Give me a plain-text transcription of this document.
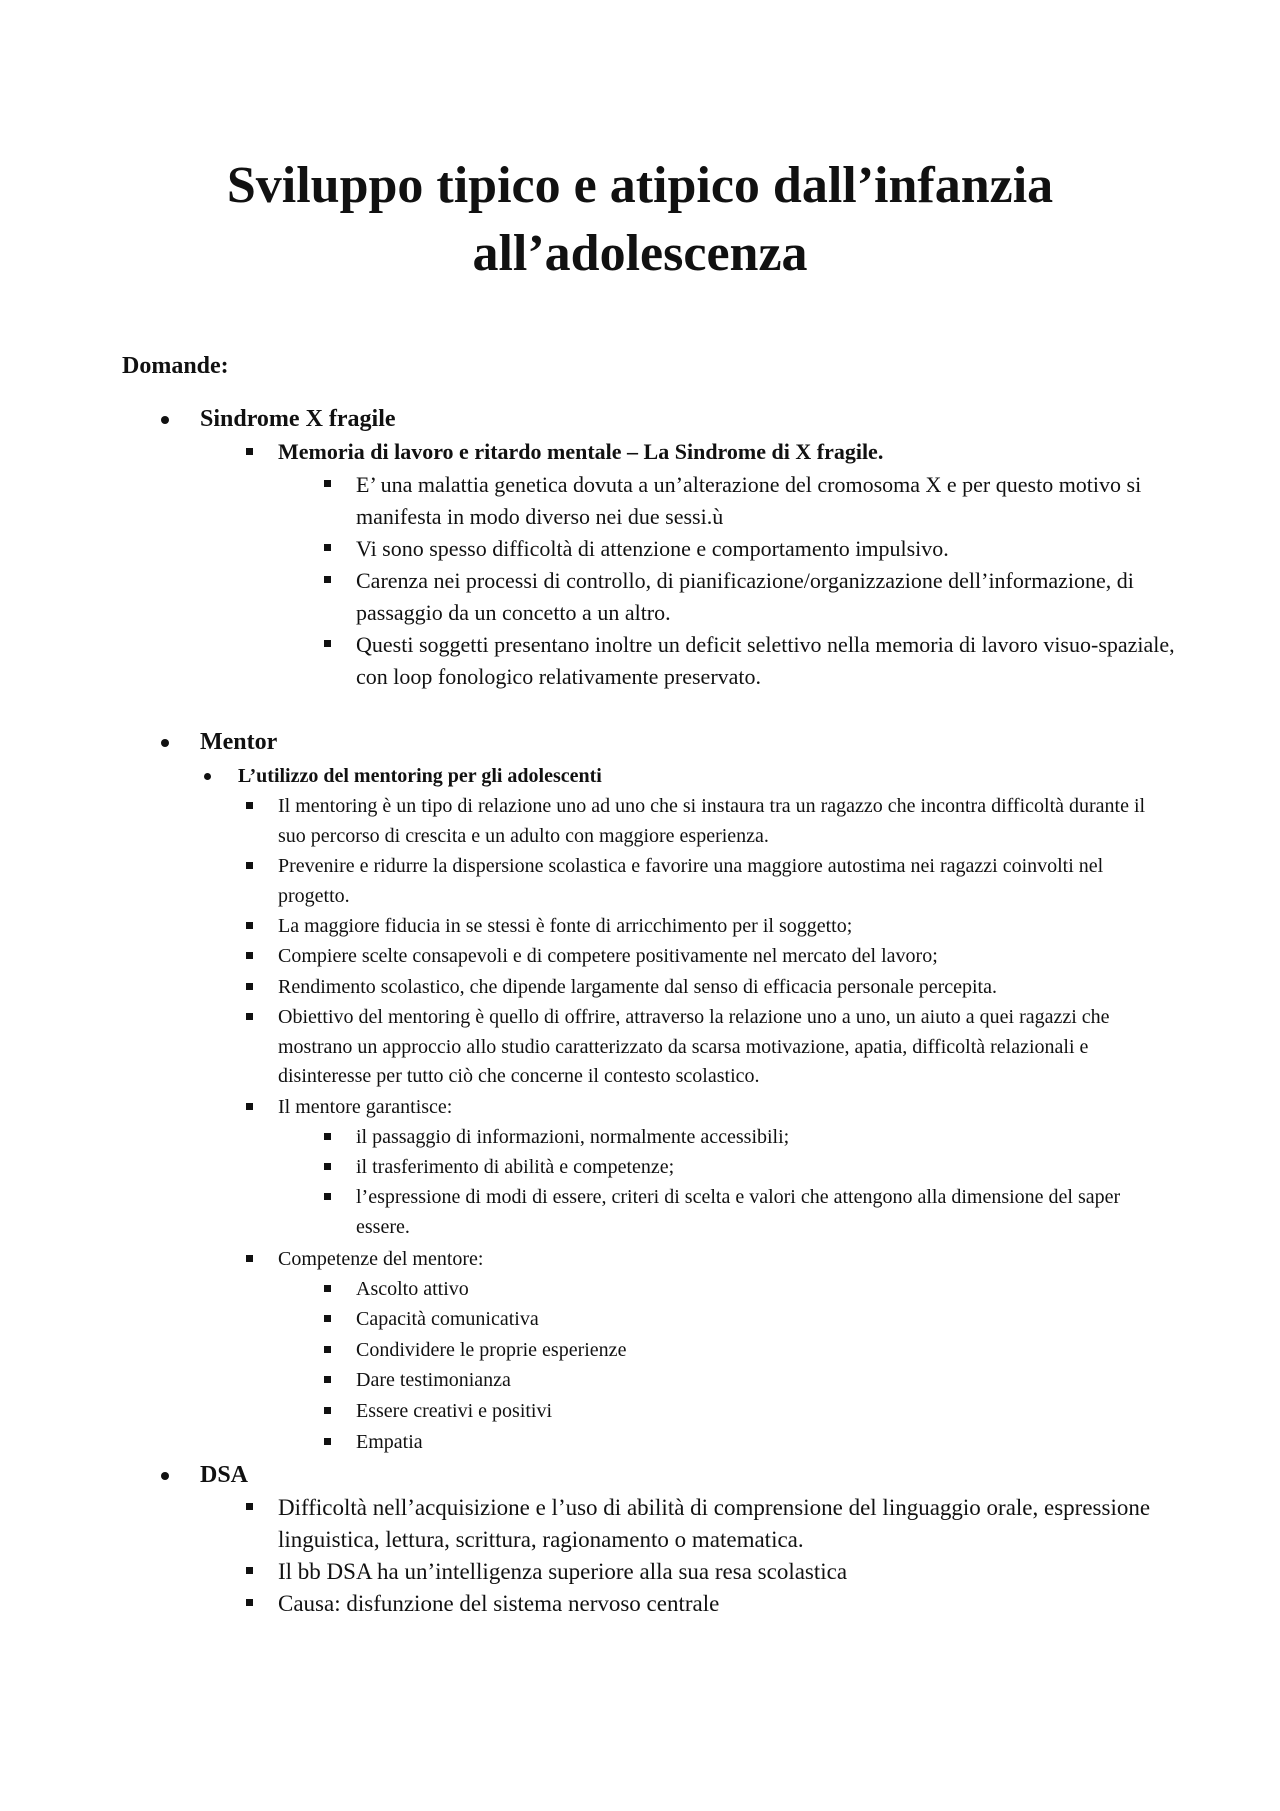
Sviluppo tipico e atipico dall’infanzia
all’adolescenza
Domande:
Sindrome X fragile
Memoria di lavoro e ritardo mentale – La Sindrome di X fragile.
E’ una malattia genetica dovuta a un’alterazione del cromosoma X e per questo motivo si manifesta in modo diverso nei due sessi.ù
Vi sono spesso difficoltà di attenzione e comportamento impulsivo.
Carenza nei processi di controllo, di pianificazione/organizzazione dell’informazione, di passaggio da un concetto a un altro.
Questi soggetti presentano inoltre un deficit selettivo nella memoria di lavoro visuo-spaziale, con loop fonologico relativamente preservato.
Mentor
L’utilizzo del mentoring per gli adolescenti
Il mentoring è un tipo di relazione uno ad uno che si instaura tra un ragazzo che incontra difficoltà durante il suo percorso di crescita e un adulto con maggiore esperienza.
Prevenire e ridurre la dispersione scolastica e favorire una maggiore autostima nei ragazzi coinvolti nel progetto.
La maggiore fiducia in se stessi è fonte di arricchimento per il soggetto;
Compiere scelte consapevoli e di competere positivamente nel mercato del lavoro;
Rendimento scolastico, che dipende largamente dal senso di efficacia personale percepita.
Obiettivo del mentoring è quello di offrire, attraverso la relazione uno a uno, un aiuto a quei ragazzi che mostrano un approccio allo studio caratterizzato da scarsa motivazione, apatia, difficoltà relazionali e disinteresse per tutto ciò che concerne il contesto scolastico.
Il mentore garantisce:
il passaggio di informazioni, normalmente accessibili;
il trasferimento di abilità e competenze;
l’espressione di modi di essere, criteri di scelta e valori che attengono alla dimensione del saper essere.
Competenze del mentore:
Ascolto attivo
Capacità comunicativa
Condividere le proprie esperienze
Dare testimonianza
Essere creativi e positivi
Empatia
DSA
Difficoltà nell’acquisizione e l’uso di abilità di comprensione del linguaggio orale, espressione linguistica, lettura, scrittura, ragionamento o matematica.
Il bb DSA ha un’intelligenza superiore alla sua resa scolastica
Causa: disfunzione del sistema nervoso centrale
